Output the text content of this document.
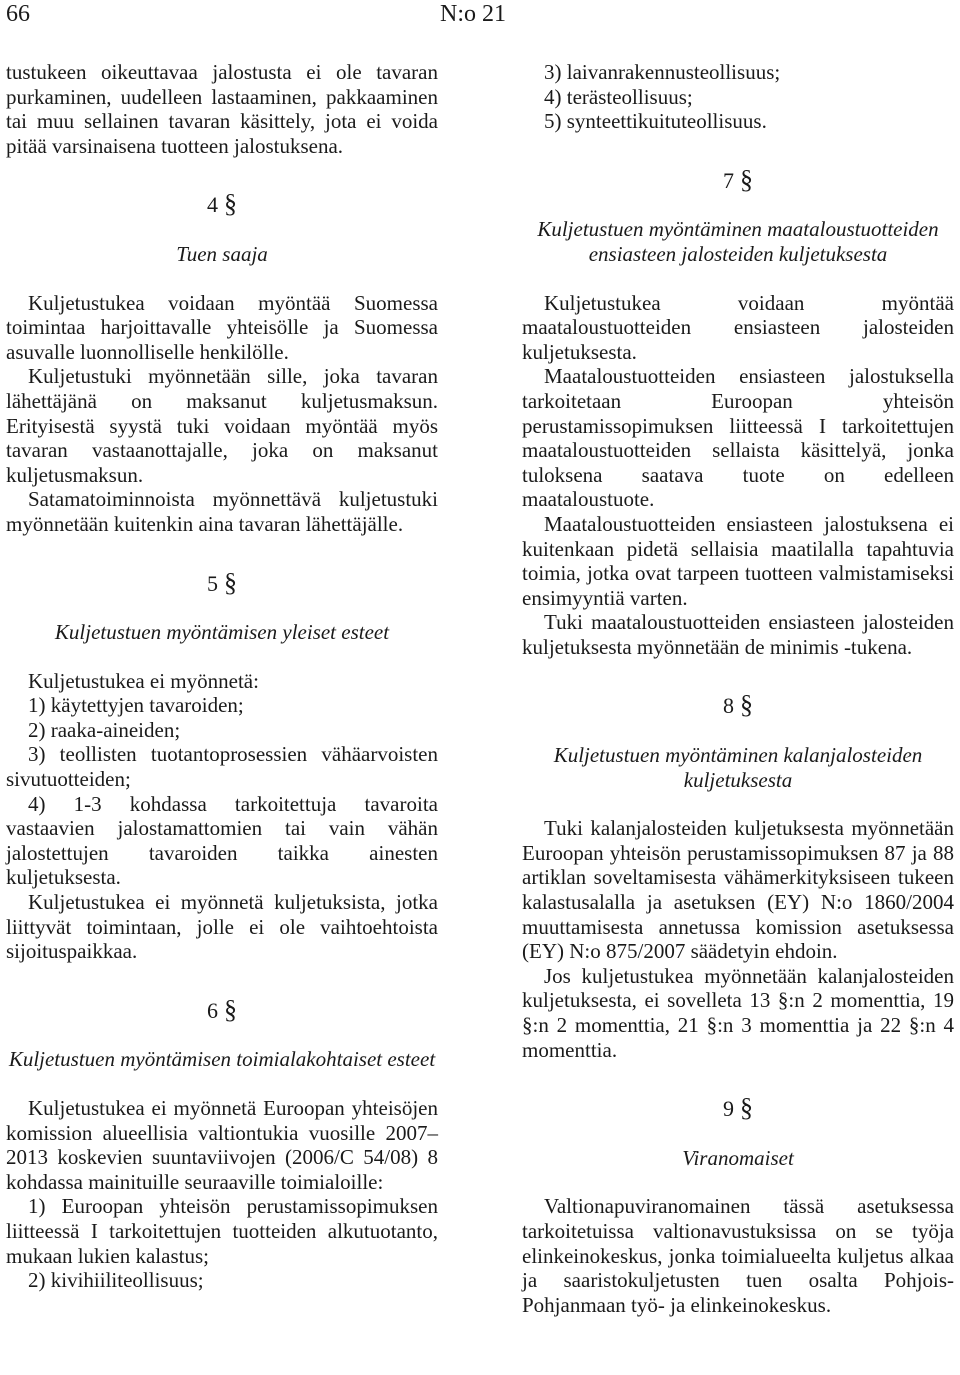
66	N:o 21

tustukeen oikeuttavaa jalostusta ei ole tavaran purkaminen, uudelleen lastaaminen, pakkaaminen tai muu sellainen tavaran käsittely, jota ei voida pitää varsinaisena tuotteen jalostuksena.

4 §
Tuen saaja

Kuljetustukea voidaan myöntää Suomessa toimintaa harjoittavalle yhteisölle ja Suomessa asuvalle luonnolliselle henkilölle.

Kuljetustuki myönnetään sille, joka tavaran lähettäjänä on maksanut kuljetusmaksun. Erityisestä syystä tuki voidaan myöntää myös tavaran vastaanottajalle, joka on maksanut kuljetusmaksun.

Satamatoiminnoista myönnettävä kuljetustuki myönnetään kuitenkin aina tavaran lähettäjälle.

5 §
Kuljetustuen myöntämisen yleiset esteet

Kuljetustukea ei myönnetä:

1) käytettyjen tavaroiden;

2) raaka-aineiden;

3) teollisten tuotantoprosessien vähäarvoisten sivutuotteiden;

4) 1-3 kohdassa tarkoitettuja tavaroita vastaavien jalostamattomien tai vain vähän jalostettujen tavaroiden taikka ainesten kuljetuksesta.

Kuljetustukea ei myönnetä kuljetuksista, jotka liittyvät toimintaan, jolle ei ole vaihtoehtoista sijoituspaikkaa.

6 §
Kuljetustuen myöntämisen toimialakohtaiset esteet

Kuljetustukea ei myönnetä Euroopan yhteisöjen komission alueellisia valtiontukia vuosille 2007–2013 koskevien suuntaviivojen (2006/C 54/08) 8 kohdassa mainituille seuraaville toimialoille:

1) Euroopan yhteisön perustamissopimuksen liitteessä I tarkoitettujen tuotteiden alkutuotanto, mukaan lukien kalastus;

2) kivihiiliteollisuus;

3) laivanrakennusteollisuus;

4) terästeollisuus;

5) synteettikuituteollisuus.

7 §
Kuljetustuen myöntäminen maataloustuotteiden ensiasteen jalosteiden kuljetuksesta

Kuljetustukea voidaan myöntää maataloustuotteiden ensiasteen jalosteiden kuljetuksesta.

Maataloustuotteiden ensiasteen jalostuksella tarkoitetaan Euroopan yhteisön perustamissopimuksen liitteessä I tarkoitettujen maataloustuotteiden sellaista käsittelyä, jonka tuloksena saatava tuote on edelleen maataloustuote.

Maataloustuotteiden ensiasteen jalostuksena ei kuitenkaan pidetä sellaisia maatilalla tapahtuvia toimia, jotka ovat tarpeen tuotteen valmistamiseksi ensimyyntiä varten.

Tuki maataloustuotteiden ensiasteen jalosteiden kuljetuksesta myönnetään de minimis -tukena.

8 §
Kuljetustuen myöntäminen kalanjalosteiden kuljetuksesta

Tuki kalanjalosteiden kuljetuksesta myönnetään Euroopan yhteisön perustamissopimuksen 87 ja 88 artiklan soveltamisesta vähämerkityksiseen tukeen kalastusalalla ja asetuksen (EY) N:o 1860/2004 muuttamisesta annetussa komission asetuksessa (EY) N:o 875/2007 säädetyin ehdoin.

Jos kuljetustukea myönnetään kalanjalosteiden kuljetuksesta, ei sovelleta 13 §:n 2 momenttia, 19 §:n 2 momenttia, 21 §:n 3 momenttia ja 22 §:n 4 momenttia.

9 §
Viranomaiset

Valtionapuviranomainen tässä asetuksessa tarkoitetuissa valtionavustuksissa on se työja elinkeinokeskus, jonka toimialueelta kuljetus alkaa ja saaristokuljetusten tuen osalta Pohjois-Pohjanmaan työ- ja elinkeinokeskus.
